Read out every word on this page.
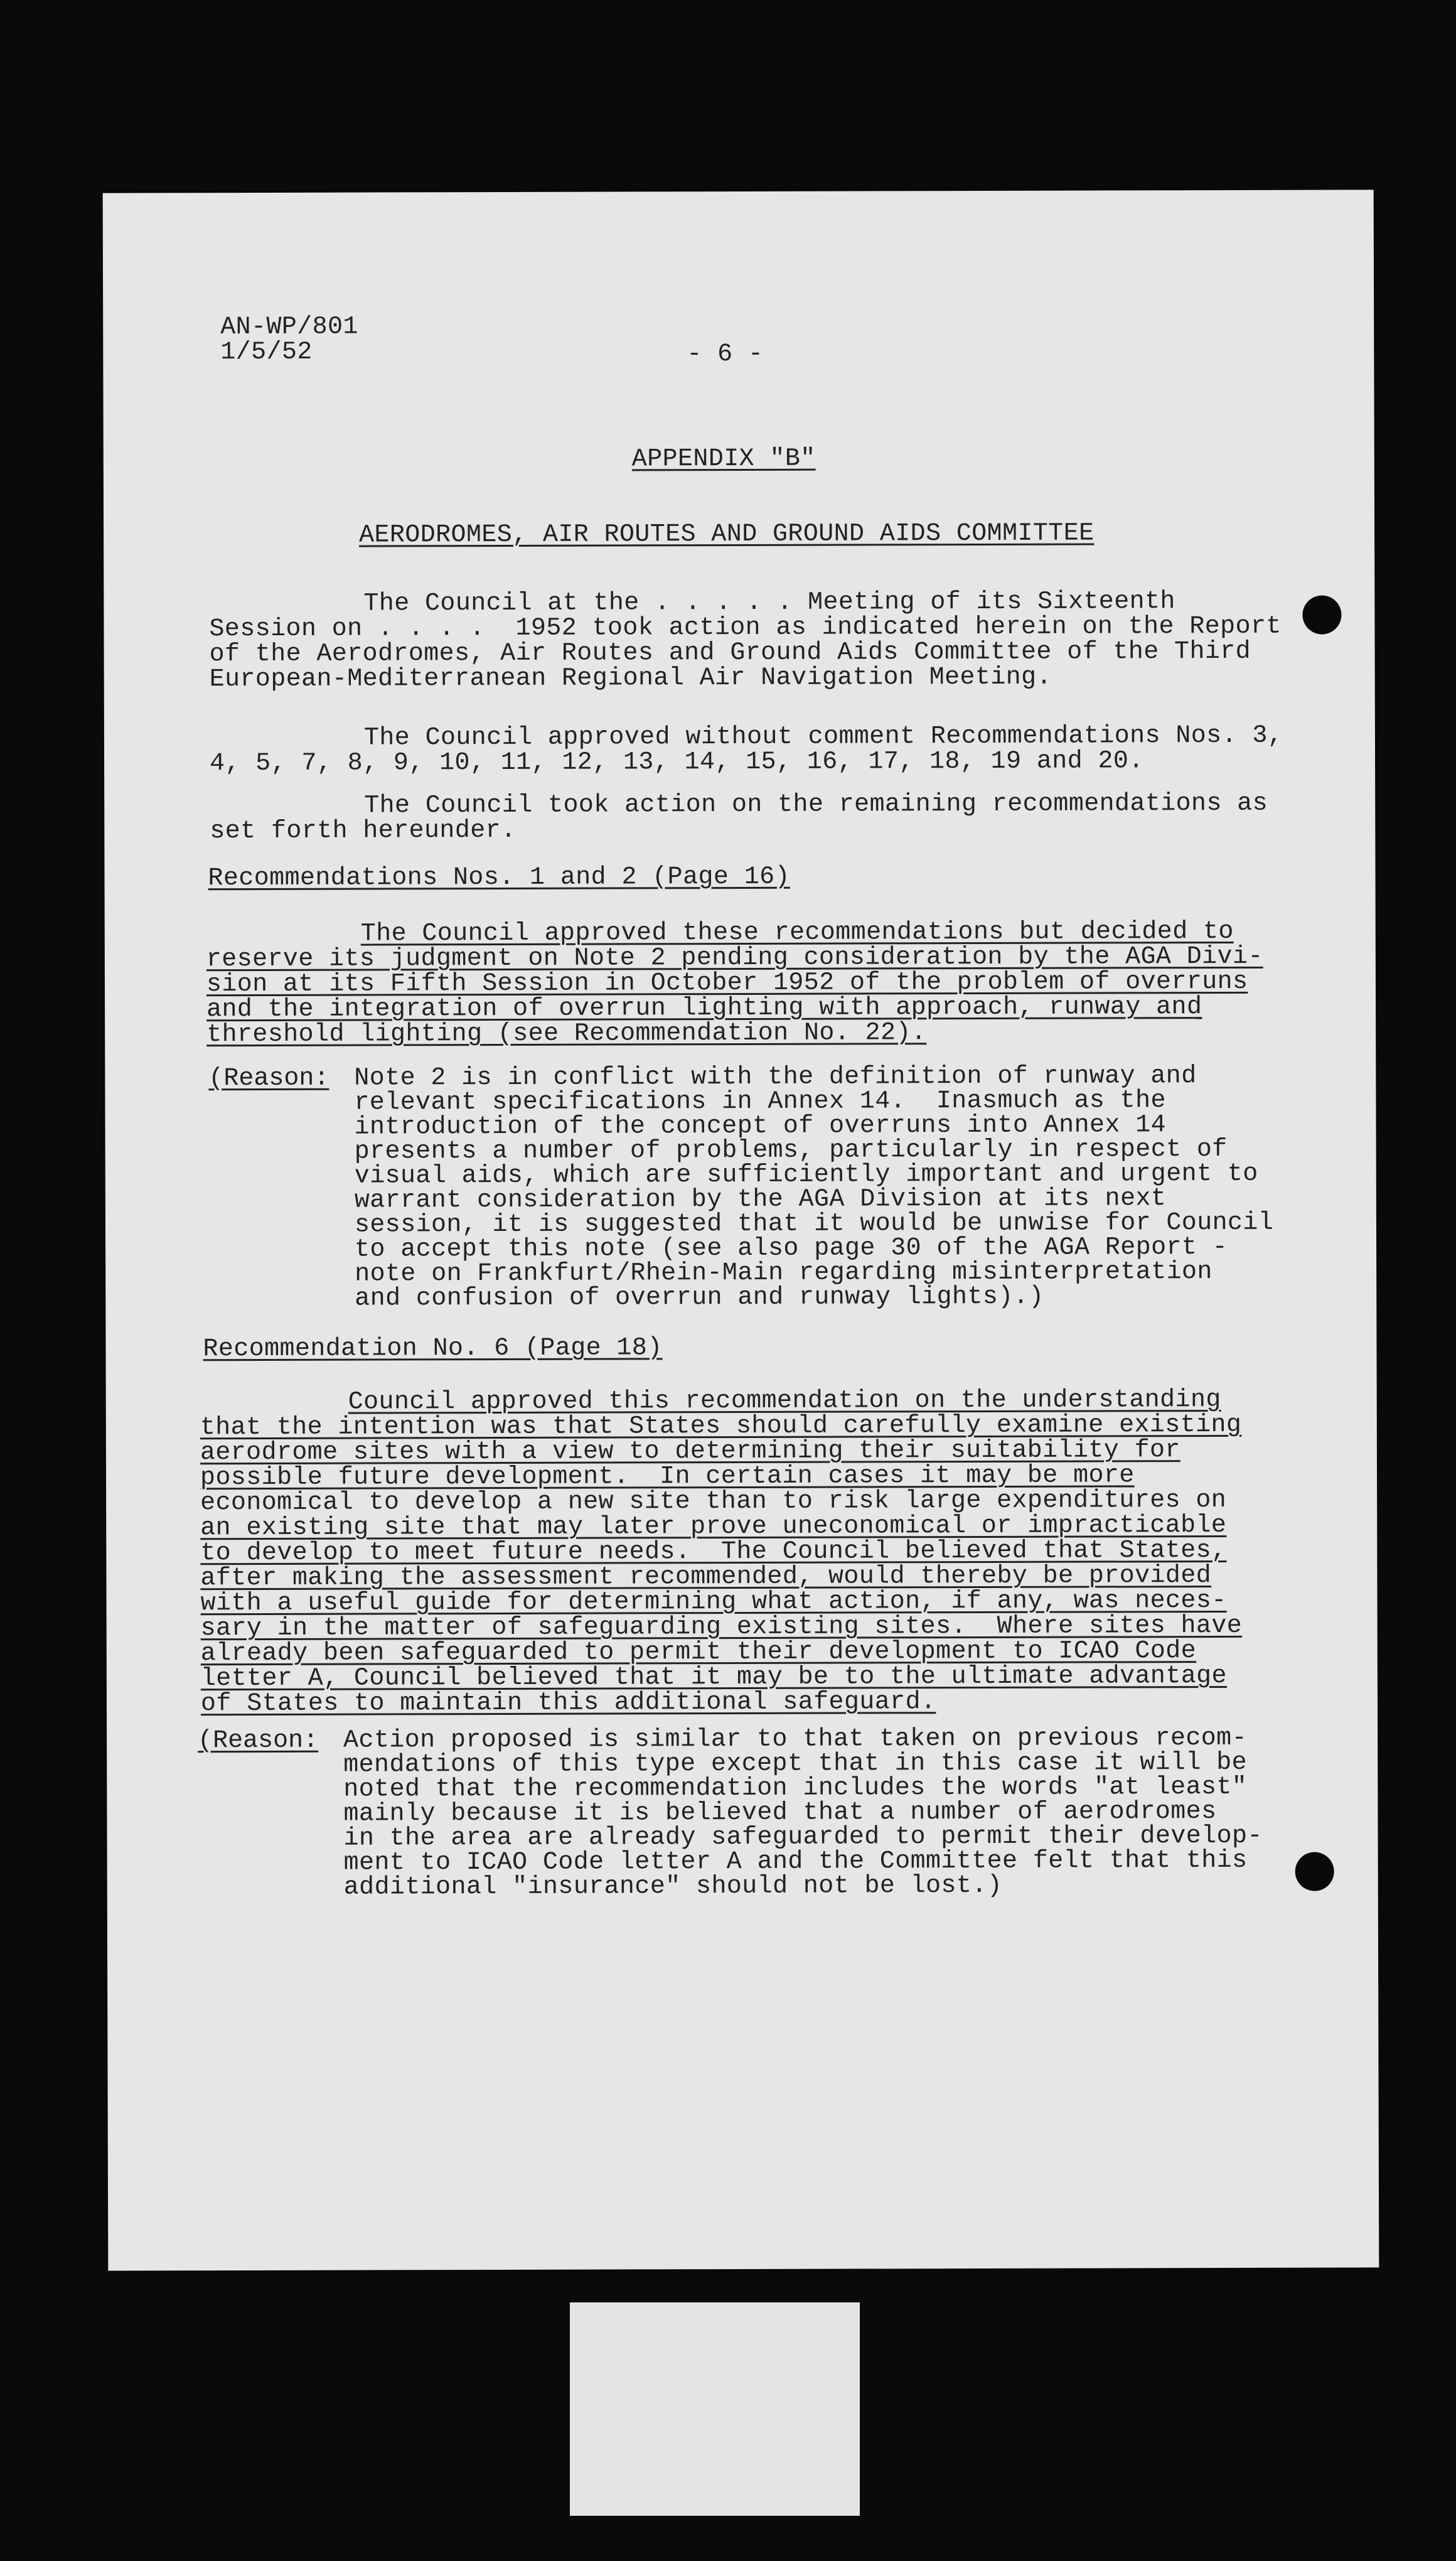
AN-WP/801
1/5/52	- 6 -
APPENDIX "B"
AERODROMES, AIR ROUTES AND GROUND AIDS COMMITTEE
The Council at the . . . . . Meeting of its Sixteenth
Session on . . . .  1952 took action as indicated herein on the Report
of the Aerodromes, Air Routes and Ground Aids Committee of the Third
European-Mediterranean Regional Air Navigation Meeting.
The Council approved without comment Recommendations Nos. 3,
4, 5, 7, 8, 9, 10, 11, 12, 13, 14, 15, 16, 17, 18, 19 and 20.
The Council took action on the remaining recommendations as
set forth hereunder.
Recommendations Nos. 1 and 2 (Page 16)
The Council approved these recommendations but decided to
reserve its judgment on Note 2 pending consideration by the AGA Divi-
sion at its Fifth Session in October 1952 of the problem of overruns
and the integration of overrun lighting with approach, runway and
threshold lighting (see Recommendation No. 22).
(Reason: Note 2 is in conflict with the definition of runway and
relevant specifications in Annex 14.  Inasmuch as the
introduction of the concept of overruns into Annex 14
presents a number of problems, particularly in respect of
visual aids, which are sufficiently important and urgent to
warrant consideration by the AGA Division at its next
session, it is suggested that it would be unwise for Council
to accept this note (see also page 30 of the AGA Report -
note on Frankfurt/Rhein-Main regarding misinterpretation
and confusion of overrun and runway lights).)
Recommendation No. 6 (Page 18)
Council approved this recommendation on the understanding
that the intention was that States should carefully examine existing
aerodrome sites with a view to determining their suitability for
possible future development.  In certain cases it may be more
economical to develop a new site than to risk large expenditures on
an existing site that may later prove uneconomical or impracticable
to develop to meet future needs.  The Council believed that States,
after making the assessment recommended, would thereby be provided
with a useful guide for determining what action, if any, was neces-
sary in the matter of safeguarding existing sites.  Where sites have
already been safeguarded to permit their development to ICAO Code
letter A, Council believed that it may be to the ultimate advantage
of States to maintain this additional safeguard.
(Reason: Action proposed is similar to that taken on previous recom-
mendations of this type except that in this case it will be
noted that the recommendation includes the words "at least"
mainly because it is believed that a number of aerodromes
in the area are already safeguarded to permit their develop-
ment to ICAO Code letter A and the Committee felt that this
additional "insurance" should not be lost.)
